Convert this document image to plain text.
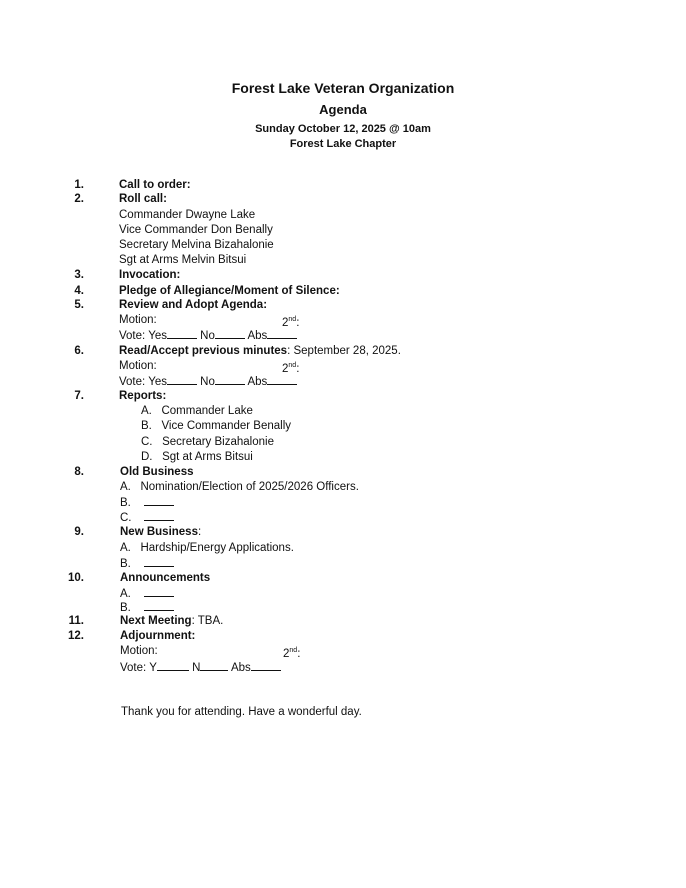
Forest Lake Veteran Organization
Agenda
Sunday October 12, 2025 @ 10am
Forest Lake Chapter
1.	Call to order:
2.	Roll call:
Commander Dwayne Lake
Vice Commander Don Benally
Secretary Melvina Bizahalonie
Sgt at Arms Melvin Bitsui
3.	Invocation:
4.	Pledge of Allegiance/Moment of Silence:
5.	Review and Adopt Agenda:
Motion:	2nd:
Vote: Yes	No	Abs
6.	Read/Accept previous minutes: September 28, 2025.
Motion:	2nd:
Vote: Yes	No	Abs
7.	Reports:
A. Commander Lake
B. Vice Commander Benally
C. Secretary Bizahalonie
D. Sgt at Arms Bitsui
8.	Old Business
A. Nomination/Election of 2025/2026 Officers.
B.
C.
9.	New Business:
A. Hardship/Energy Applications.
B.
10.	Announcements
A.
B.
11.	Next Meeting: TBA.
12.	Adjournment:
Motion:	2nd:
Vote: Y	N	Abs
Thank you for attending. Have a wonderful day.
